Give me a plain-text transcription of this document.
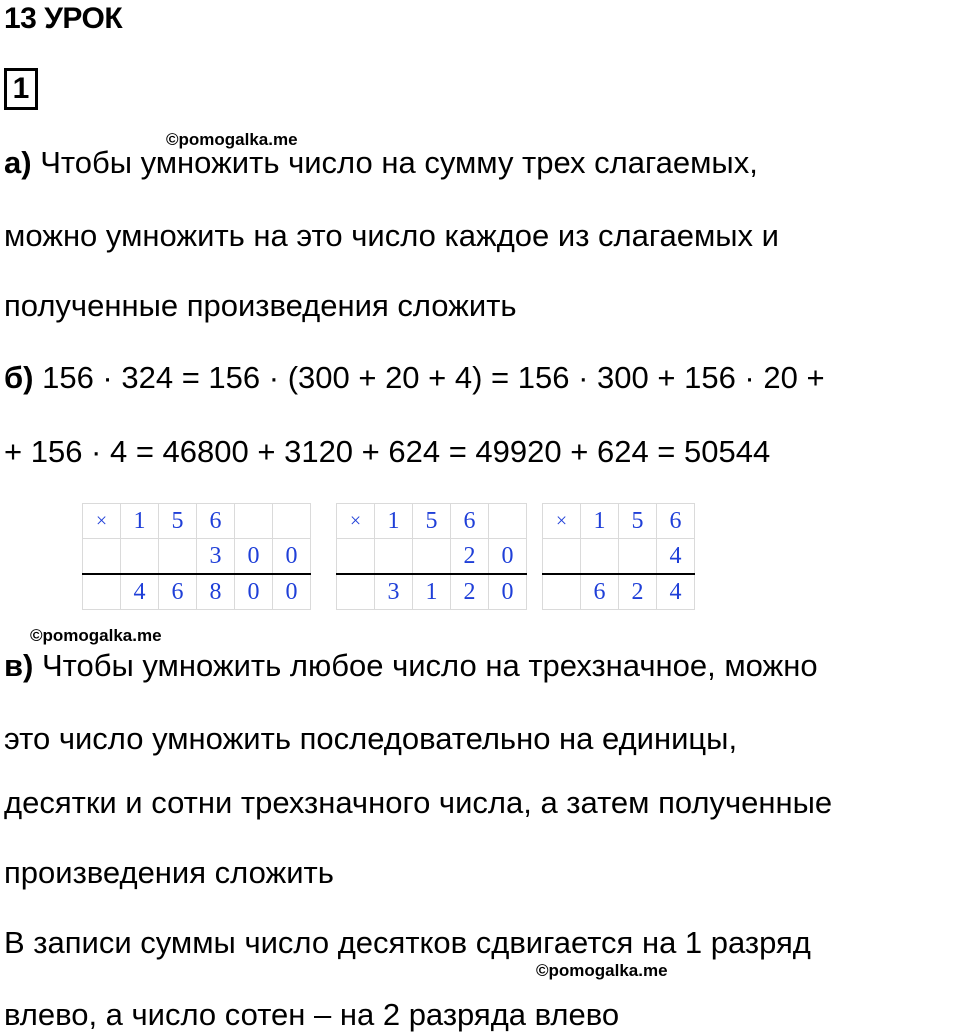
13 УРОК
1
©pomogalka.me
а) Чтобы умножить число на сумму трех слагаемых,
можно умножить на это число каждое из слагаемых и
полученные произведения сложить
б) 156 · 324 = 156 · (300 + 20 + 4) = 156 · 300 + 156 · 20 +
+ 156 · 4 = 46800 + 3120 + 624 = 49920 + 624 = 50544
×	1	5	6		
			3	0	0
	4	6	8	0	0
×	1	5	6	
			2	0
	3	1	2	0
×	1	5	6
			4
	6	2	4
©pomogalka.me
в) Чтобы умножить любое число на трехзначное, можно
это число умножить последовательно на единицы,
десятки и сотни трехзначного числа, а затем полученные
произведения сложить
В записи суммы число десятков сдвигается на 1 разряд
©pomogalka.me
влево, а число сотен – на 2 разряда влево
